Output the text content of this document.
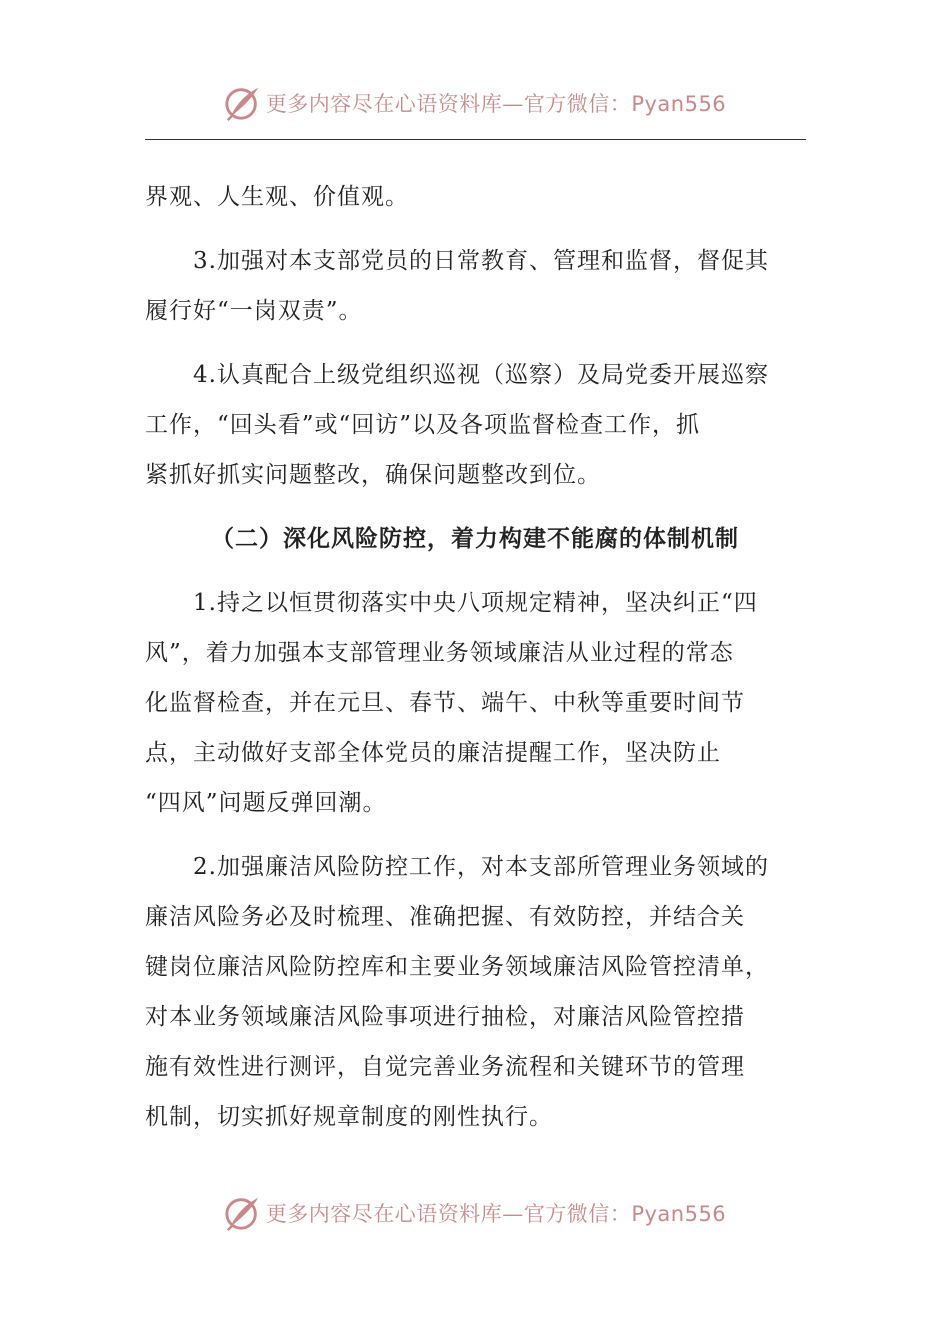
更多内容尽在心语资料库—官方微信：Pyan556
界观、人生观、价值观。
3.加强对本支部党员的日常教育、管理和监督，督促其
履行好“一岗双责”。
4.认真配合上级党组织巡视（巡察）及局党委开展巡察
工作，“回头看”或“回访”以及各项监督检查工作，抓
紧抓好抓实问题整改，确保问题整改到位。
（二）深化风险防控，着力构建不能腐的体制机制
1.持之以恒贯彻落实中央八项规定精神，坚决纠正“四
风”，着力加强本支部管理业务领域廉洁从业过程的常态
化监督检查，并在元旦、春节、端午、中秋等重要时间节
点，主动做好支部全体党员的廉洁提醒工作，坚决防止
“四风”问题反弹回潮。
2.加强廉洁风险防控工作，对本支部所管理业务领域的
廉洁风险务必及时梳理、准确把握、有效防控，并结合关
键岗位廉洁风险防控库和主要业务领域廉洁风险管控清单，
对本业务领域廉洁风险事项进行抽检，对廉洁风险管控措
施有效性进行测评，自觉完善业务流程和关键环节的管理
机制，切实抓好规章制度的刚性执行。
更多内容尽在心语资料库—官方微信：Pyan556
